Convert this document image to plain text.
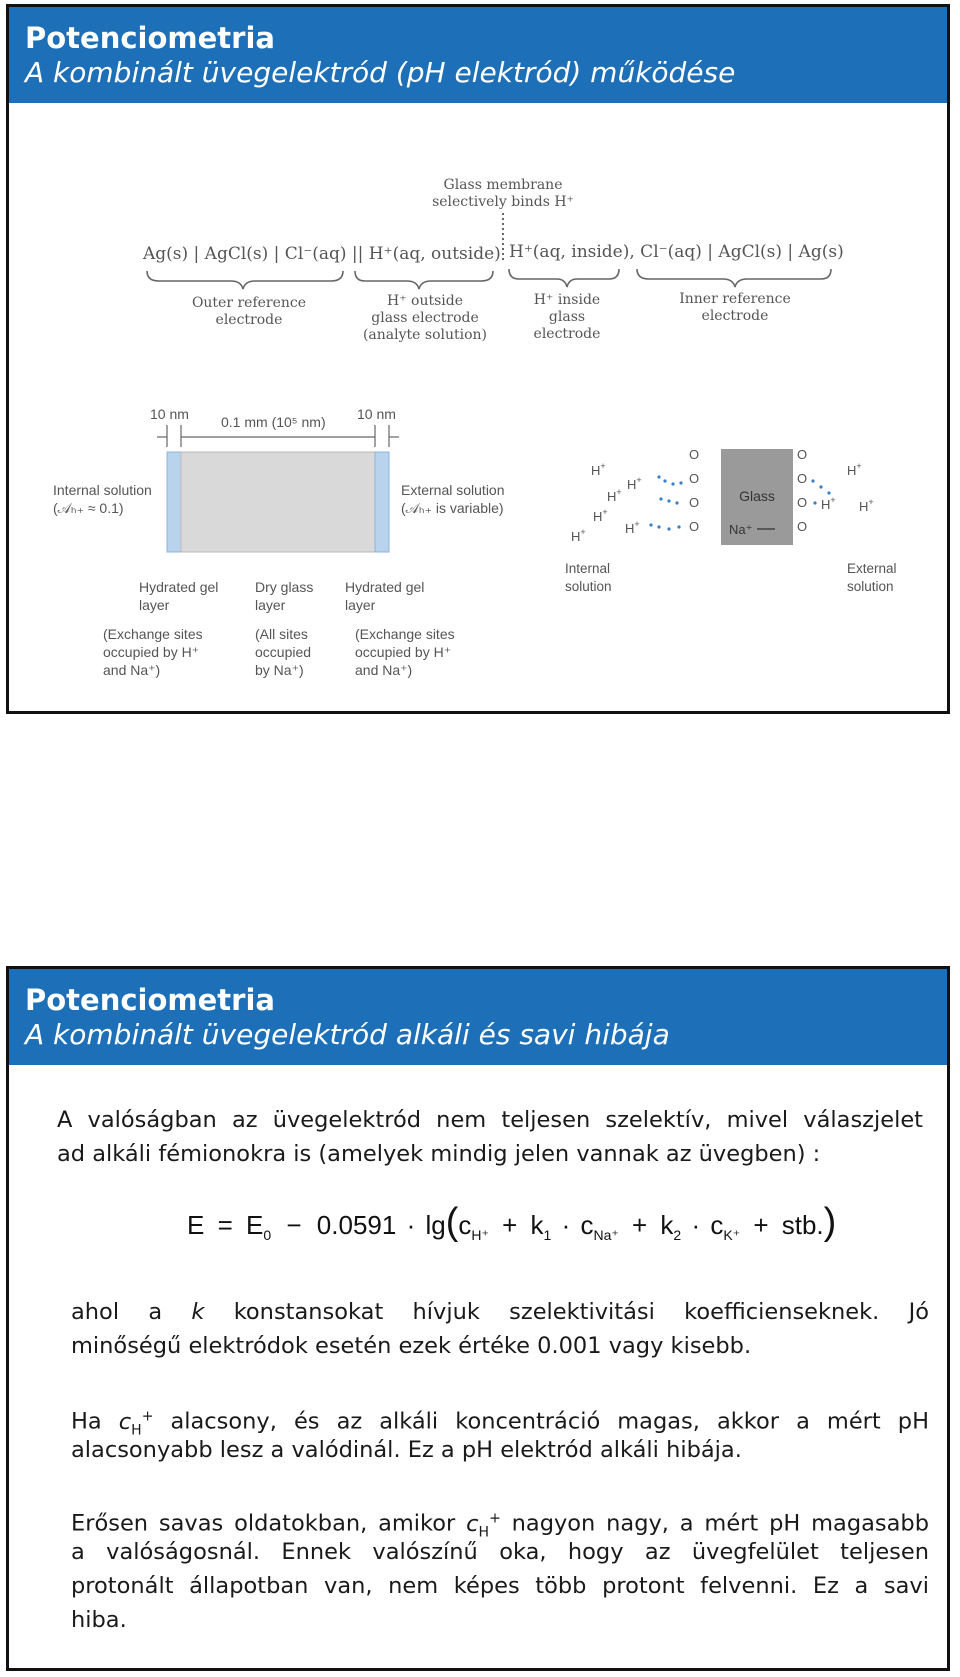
Potenciometria
A kombinált üvegelektród (pH elektród) működése
Glass membrane
selectively binds H⁺
Ag(s) | AgCl(s) | Cl⁻(aq) || H⁺(aq, outside) H⁺(aq, inside), Cl⁻(aq) | AgCl(s) | Ag(s)
Outer reference
electrode
H⁺ outside
glass electrode
(analyte solution)
H⁺ inside
glass
electrode
Inner reference
electrode
10 nm 0.1 mm (10⁵ nm) 10 nm
Internal solution
(𝒜ₕ₊ ≈ 0.1)
External solution
(𝒜ₕ₊ is variable)
Hydrated gel
layer
Dry glass
layer
Hydrated gel
layer
(Exchange sites
occupied by H⁺
and Na⁺)
(All sites
occupied
by Na⁺)
(Exchange sites
occupied by H⁺
and Na⁺)
Glass
Na⁺
O
O
O
O
O
O
O
O
H+
H+
H+
H+
H+
H+
H+
H+
H+
Internal
solution
External
solution
Potenciometria
A kombinált üvegelektród alkáli és savi hibája
A valóságban az üvegelektród nem teljesen szelektív, mivel válaszjelet
ad alkáli fémionokra is (amelyek mindig jelen vannak az üvegben) :
$E = E_0 - 0.0591 \cdot \lg(c_{H^+} + k_1 \cdot c_{Na^+} + k_2 \cdot c_{K^+} + stb.)$
ahol a k konstansokat hívjuk szelektivitási koefficienseknek. Jó
minőségű elektródok esetén ezek értéke 0.001 vagy kisebb.
Ha $c_H^+$ alacsony, és az alkáli koncentráció magas, akkor a mért pH
alacsonyabb lesz a valódinál. Ez a pH elektród alkáli hibája.
Erősen savas oldatokban, amikor $c_H^+$ nagyon nagy, a mért pH magasabb
a valóságosnál. Ennek valószínű oka, hogy az üvegfelület teljesen
protonált állapotban van, nem képes több protont felvenni. Ez a savi
hiba.
